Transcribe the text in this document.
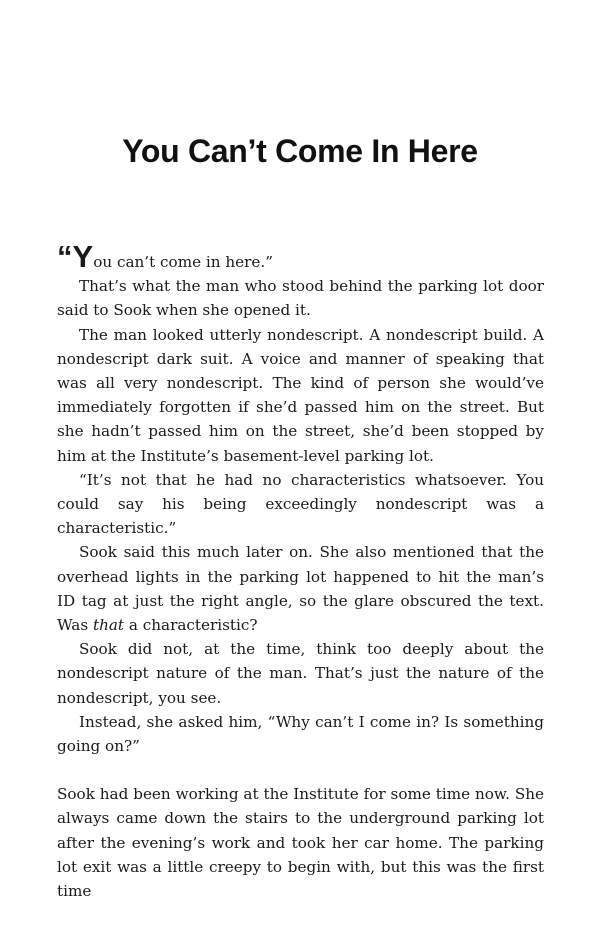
You Can’t Come In Here

“You can’t come in here.”

That’s what the man who stood behind the parking lot door said to Sook when she opened it.

The man looked utterly nondescript. A nondescript build. A nondescript dark suit. A voice and manner of speaking that was all very nondescript. The kind of person she would’ve immediately forgotten if she’d passed him on the street. But she hadn’t passed him on the street, she’d been stopped by him at the Institute’s basement-level parking lot.

“It’s not that he had no characteristics whatsoever. You could say his being exceedingly nondescript was a characteristic.”

Sook said this much later on. She also mentioned that the overhead lights in the parking lot happened to hit the man’s ID tag at just the right angle, so the glare obscured the text. Was that a characteristic?

Sook did not, at the time, think too deeply about the nondescript nature of the man. That’s just the nature of the nondescript, you see.

Instead, she asked him, “Why can’t I come in? Is something going on?”

Sook had been working at the Institute for some time now. She always came down the stairs to the underground parking lot after the evening’s work and took her car home. The parking lot exit was a little creepy to begin with, but this was the first time
